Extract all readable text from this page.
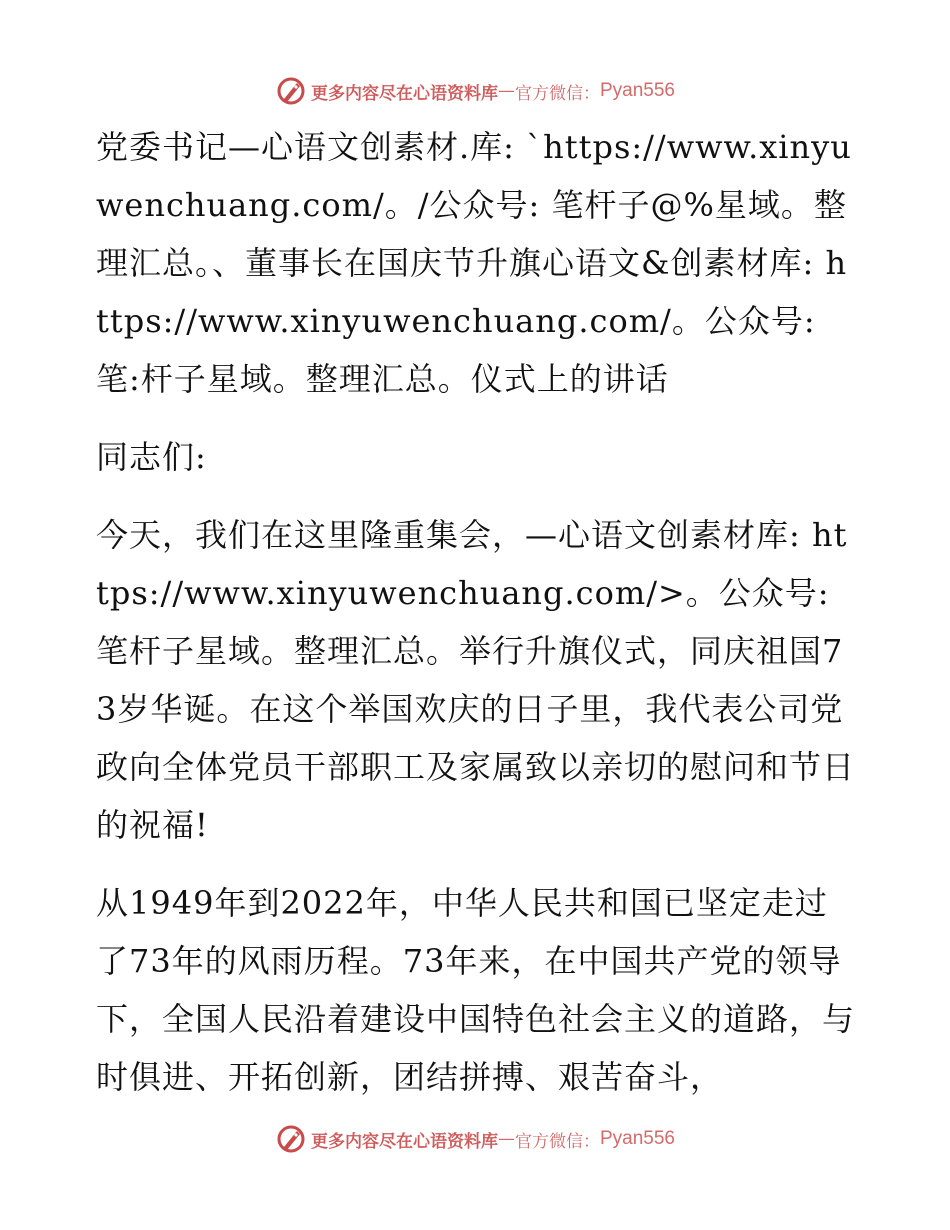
更多内容尽在心语资料库 — 官方微信： Pyan556

党委书记—心语文创素材.库: `https://www.xinyuwenchuang.com/。/公众号: 笔杆子@%星域。整理汇总。、董事长在国庆节升旗心语文&创素材库: https://www.xinyuwenchuang.com/。公众号: 笔:杆子星域。整理汇总。仪式上的讲话

同志们:

今天，我们在这里隆重集会，—心语文创素材库: https://www.xinyuwenchuang.com/>。公众号: 笔杆子星域。整理汇总。举行升旗仪式，同庆祖国73岁华诞。在这个举国欢庆的日子里，我代表公司党政向全体党员干部职工及家属致以亲切的慰问和节日的祝福!

从1949年到2022年，中华人民共和国已坚定走过了73年的风雨历程。73年来，在中国共产党的领导下，全国人民沿着建设中国特色社会主义的道路，与时俱进、开拓创新，团结拼搏、艰苦奋斗，

更多内容尽在心语资料库 — 官方微信： Pyan556
